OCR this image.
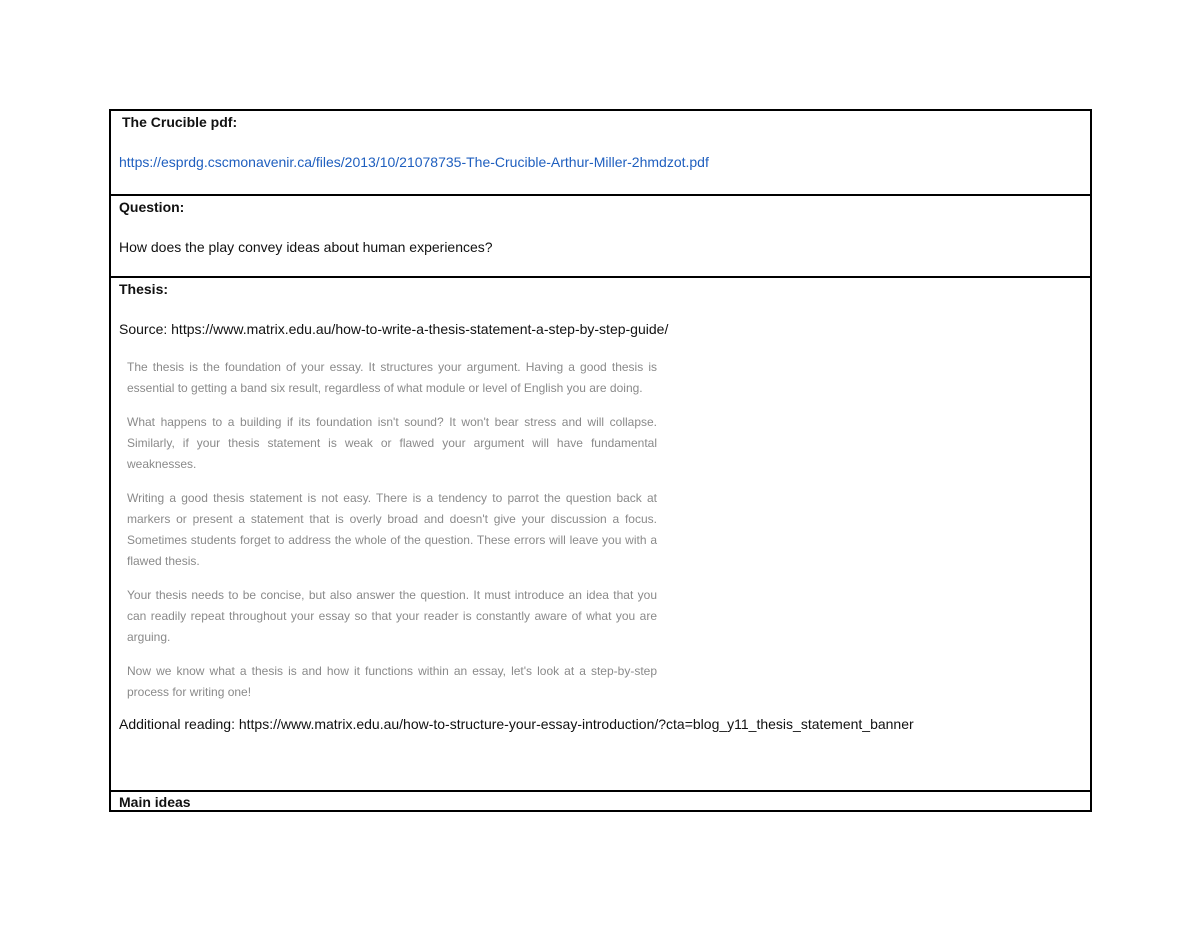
The Crucible pdf:
https://esprdg.cscmonavenir.ca/files/2013/10/21078735-The-Crucible-Arthur-Miller-2hmdzot.pdf
Question:
How does the play convey ideas about human experiences?
Thesis:
Source: https://www.matrix.edu.au/how-to-write-a-thesis-statement-a-step-by-step-guide/

The thesis is the foundation of your essay. It structures your argument. Having a good thesis is essential to getting a band six result, regardless of what module or level of English you are doing.

What happens to a building if its foundation isn't sound? It won't bear stress and will collapse. Similarly, if your thesis statement is weak or flawed your argument will have fundamental weaknesses.

Writing a good thesis statement is not easy. There is a tendency to parrot the question back at markers or present a statement that is overly broad and doesn't give your discussion a focus. Sometimes students forget to address the whole of the question. These errors will leave you with a flawed thesis.

Your thesis needs to be concise, but also answer the question. It must introduce an idea that you can readily repeat throughout your essay so that your reader is constantly aware of what you are arguing.

Now we know what a thesis is and how it functions within an essay, let's look at a step-by-step process for writing one!

Additional reading: https://www.matrix.edu.au/how-to-structure-your-essay-introduction/?cta=blog_y11_thesis_statement_banner
Main ideas
